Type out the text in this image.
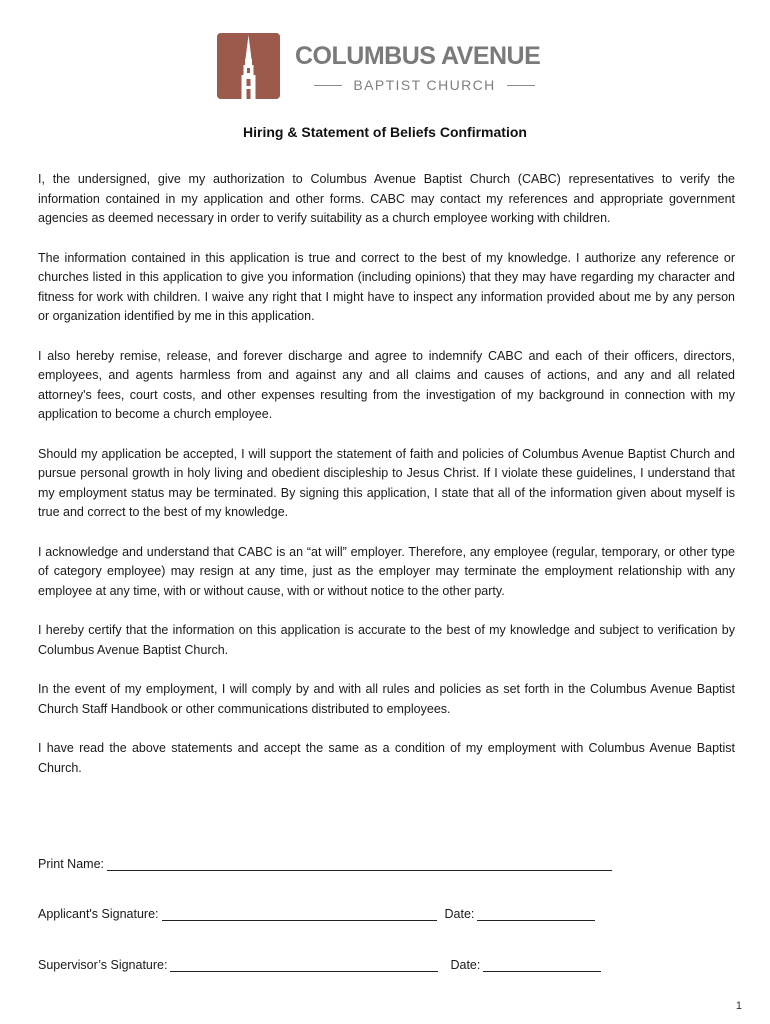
COLUMBUS AVENUE
BAPTIST CHURCH
Hiring & Statement of Beliefs Confirmation

I, the undersigned, give my authorization to Columbus Avenue Baptist Church (CABC) representatives to verify the information contained in my application and other forms. CABC may contact my references and appropriate government agencies as deemed necessary in order to verify suitability as a church employee working with children.

The information contained in this application is true and correct to the best of my knowledge. I authorize any reference or churches listed in this application to give you information (including opinions) that they may have regarding my character and fitness for work with children. I waive any right that I might have to inspect any information provided about me by any person or organization identified by me in this application.

I also hereby remise, release, and forever discharge and agree to indemnify CABC and each of their officers, directors, employees, and agents harmless from and against any and all claims and causes of actions, and any and all related attorney's fees, court costs, and other expenses resulting from the investigation of my background in connection with my application to become a church employee.

Should my application be accepted, I will support the statement of faith and policies of Columbus Avenue Baptist Church and pursue personal growth in holy living and obedient discipleship to Jesus Christ. If I violate these guidelines, I understand that my employment status may be terminated. By signing this application, I state that all of the information given about myself is true and correct to the best of my knowledge.

I acknowledge and understand that CABC is an “at will” employer. Therefore, any employee (regular, temporary, or other type of category employee) may resign at any time, just as the employer may terminate the employment relationship with any employee at any time, with or without cause, with or without notice to the other party.

I hereby certify that the information on this application is accurate to the best of my knowledge and subject to verification by Columbus Avenue Baptist Church.

In the event of my employment, I will comply by and with all rules and policies as set forth in the Columbus Avenue Baptist Church Staff Handbook or other communications distributed to employees.

I have read the above statements and accept the same as a condition of my employment with Columbus Avenue Baptist Church.

Print Name:
Applicant's Signature:	Date:
Supervisor’s Signature:	Date:
1
